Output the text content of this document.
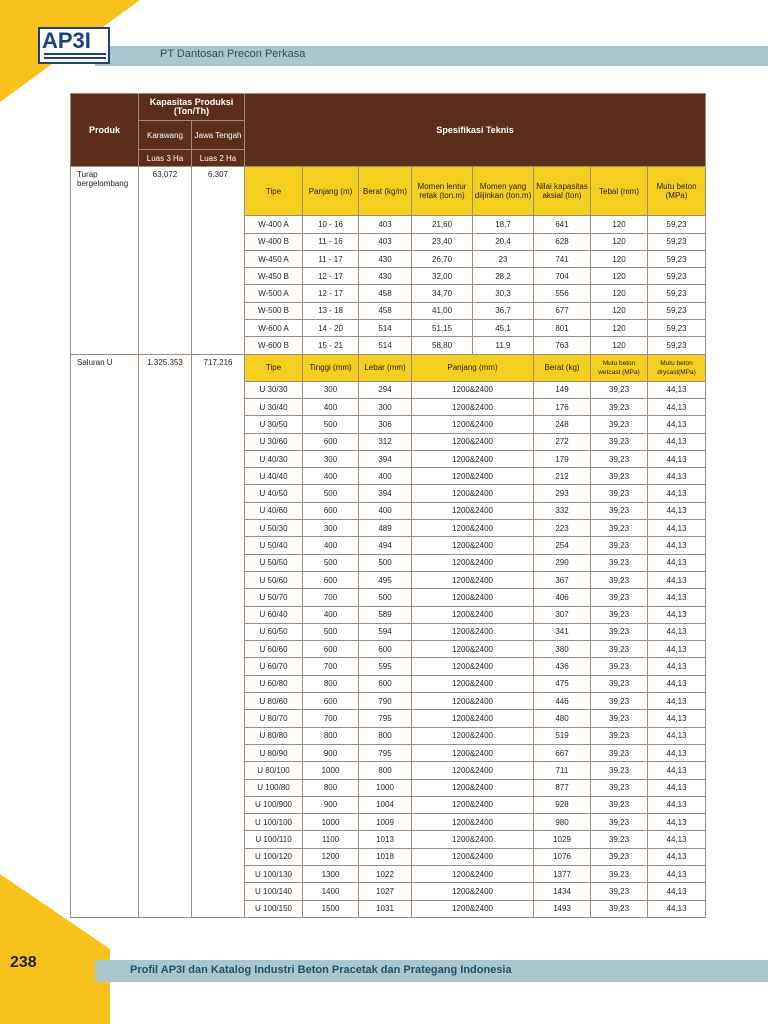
AP3I
PT Dantosan Precon Perkasa
Produk	Kapasitas Produksi (Ton/Th)		Spesifikasi Teknis							
	Karawang	Jawa Tengah								
	Luas 3 Ha	Luas 2 Ha								
Turap bergelombang	63.072	6.307	Tipe	Panjang (m)	Berat (kg/m)	Momen lentur retak (ton.m)	Momen yang diijinkan (ton.m)	Nilai kapasitas aksial (ton)	Tebal (mm)	Mutu beton (MPa)
			W-400 A	10 - 16	403	21,60	18,7	641	120	59,23
			W-400 B	11 - 16	403	23,40	20,4	628	120	59,23
			W-450 A	11 - 17	430	26,70	23	741	120	59,23
			W-450 B	12 - 17	430	32,00	28,2	704	120	59,23
			W-500 A	12 - 17	458	34,70	30,3	556	120	59,23
			W-500 B	13 - 18	458	41,00	36,7	677	120	59,23
			W-600 A	14 - 20	514	51,15	45,1	801	120	59,23
			W-600 B	15 - 21	514	58,80	11,9	763	120	59,23
Saluran U	1.325.353	717.216	Tipe	Tinggi (mm)	Lebar (mm)	Panjang (mm)		Berat (kg)	Mutu beton wetcast (MPa)	Mutu beton drycast(MPa)
			U 30/30	300	294	1200&2400		149	39,23	44,13
			U 30/40	400	300	1200&2400		176	39,23	44,13
			U 30/50	500	306	1200&2400		248	39,23	44,13
			U 30/60	600	312	1200&2400		272	39,23	44,13
			U 40/30	300	394	1200&2400		179	39,23	44,13
			U 40/40	400	400	1200&2400		212	39,23	44,13
			U 40/50	500	394	1200&2400		293	39,23	44,13
			U 40/60	600	400	1200&2400		332	39,23	44,13
			U 50/30	300	489	1200&2400		223	39,23	44,13
			U 50/40	400	494	1200&2400		254	39,23	44,13
			U 50/50	500	500	1200&2400		290	39,23	44,13
			U 50/60	600	495	1200&2400		367	39,23	44,13
			U 50/70	700	500	1200&2400		406	39,23	44,13
			U 60/40	400	589	1200&2400		307	39,23	44,13
			U 60/50	500	594	1200&2400		341	39,23	44,13
			U 60/60	600	600	1200&2400		380	39,23	44,13
			U 60/70	700	595	1200&2400		436	39,23	44,13
			U 60/80	800	600	1200&2400		475	39,23	44,13
			U 80/60	600	790	1200&2400		446	39,23	44,13
			U 80/70	700	795	1200&2400		480	39,23	44,13
			U 80/80	800	800	1200&2400		519	39,23	44,13
			U 80/90	900	795	1200&2400		667	39,23	44,13
			U 80/100	1000	800	1200&2400		711	39,23	44,13
			U 100/80	800	1000	1200&2400		877	39,23	44,13
			U 100/900	900	1004	1200&2400		928	39,23	44,13
			U 100/100	1000	1009	1200&2400		980	39,23	44,13
			U 100/110	1100	1013	1200&2400		1029	39,23	44,13
			U 100/120	1200	1018	1200&2400		1076	39,23	44,13
			U 100/130	1300	1022	1200&2400		1377	39,23	44,13
			U 100/140	1400	1027	1200&2400		1434	39,23	44,13
			U 100/150	1500	1031	1200&2400		1493	39,23	44,13
238	Profil AP3I dan Katalog Industri Beton Pracetak dan Prategang Indonesia
